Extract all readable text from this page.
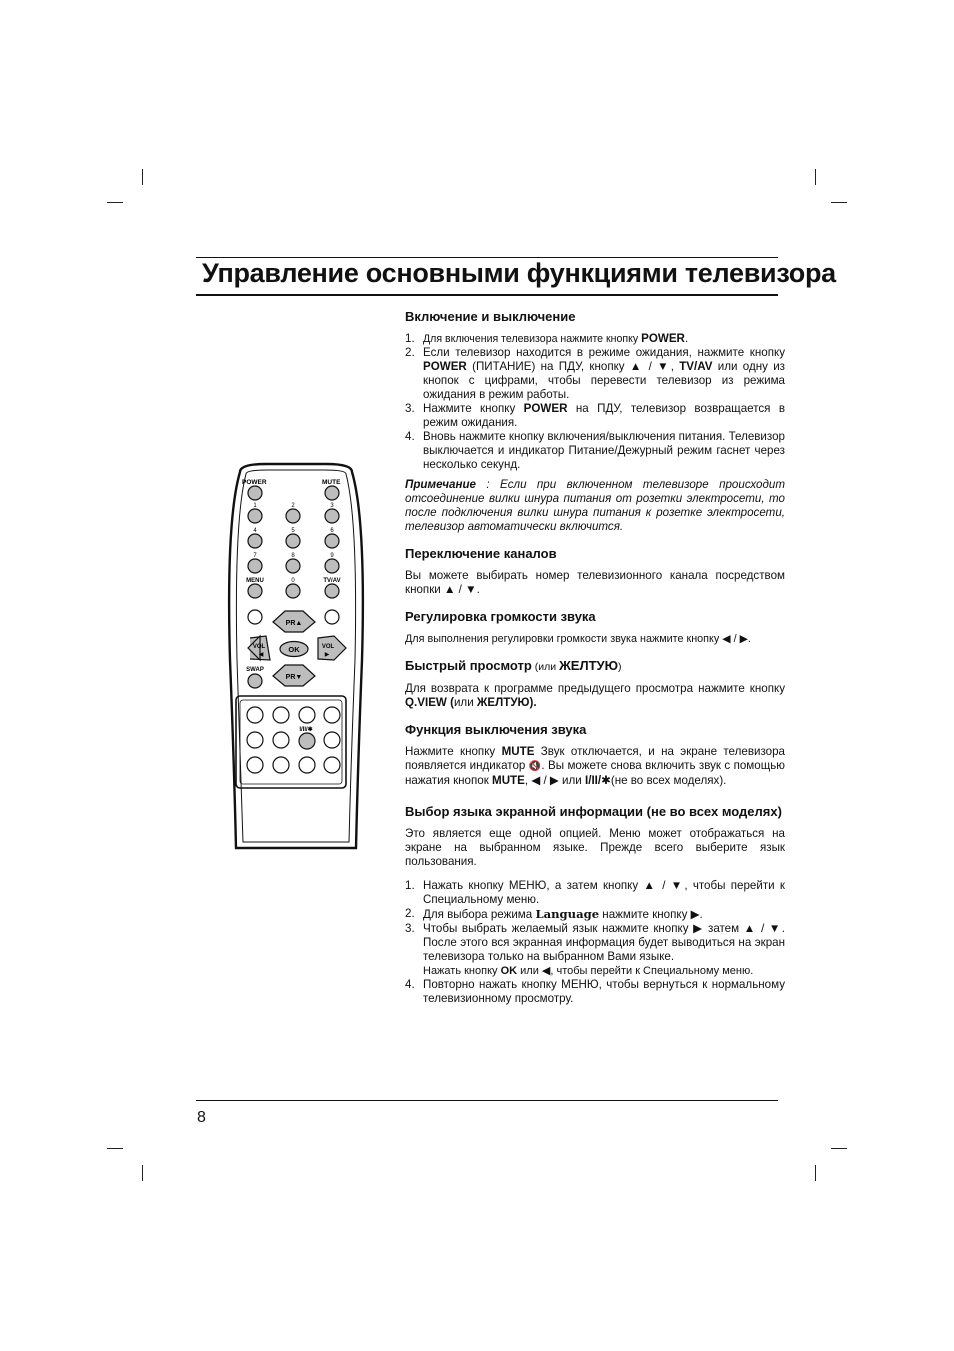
Управление основными функциями телевизора
POWER	MUTE
1	2	3
4	5	6
7	8	9
MENU	0	TV/AV
PR▲
VOL
◀
OK	VOL
▶
SWAP
PR▼
I/II/✱
Включение и выключение
1. Для включения телевизора нажмите кнопку POWER.
2. Если телевизор находится в режиме ожидания, нажмите кнопку POWER (ПИТАНИЕ) на ПДУ, кнопку ▲ / ▼, TV/AV или одну из кнопок с цифрами, чтобы перевести телевизор из режима ожидания в режим работы.
3. Нажмите кнопку POWER на ПДУ, телевизор возвращается в режим ожидания.
4. Вновь нажмите кнопку включения/выключения питания. Телевизор выключается и индикатор Питание/Дежурный режим гаснет через несколько секунд.

Примечание : Если при включенном телевизоре происходит отсоединение вилки шнура питания от розетки электросети, то после подключения вилки шнура питания к розетке электросети, телевизор автоматически включится.

Переключение каналов

Вы можете выбирать номер телевизионного канала посредством кнопки ▲ / ▼.

Регулировка громкости звука

Для выполнения регулировки громкости звука нажмите кнопку ◀ / ▶.

Быстрый просмотр (или ЖЕЛТУЮ)

Для возврата к программе предыдущего просмотра нажмите кнопку Q.VIEW (или ЖЕЛТУЮ).

Функция выключения звука

Нажмите кнопку MUTE Звук отключается, и на экране телевизора появляется индикатор 🔇. Вы можете снова включить звук с помощью нажатия кнопок MUTE, ◀ / ▶ или I/II/✱(не во всех моделях).

Выбор языка экранной информации (не во всех моделях)

Это является еще одной опцией. Меню может отображаться на экране на выбранном языке. Прежде всего выберите язык пользования.

1. Нажать кнопку МЕНЮ, а затем кнопку ▲ / ▼, чтобы перейти к Специальному меню.
2. Для выбора режима Language нажмите кнопку ▶.
3. Чтобы выбрать желаемый язык нажмите кнопку ▶ затем ▲ / ▼. После этого вся экранная информация будет выводиться на экран телевизора только на выбранном Вами языке.
Нажать кнопку OK или ◀, чтобы перейти к Специальному меню.
4. Повторно нажать кнопку МЕНЮ, чтобы вернуться к нормальному телевизионному просмотру.
8
